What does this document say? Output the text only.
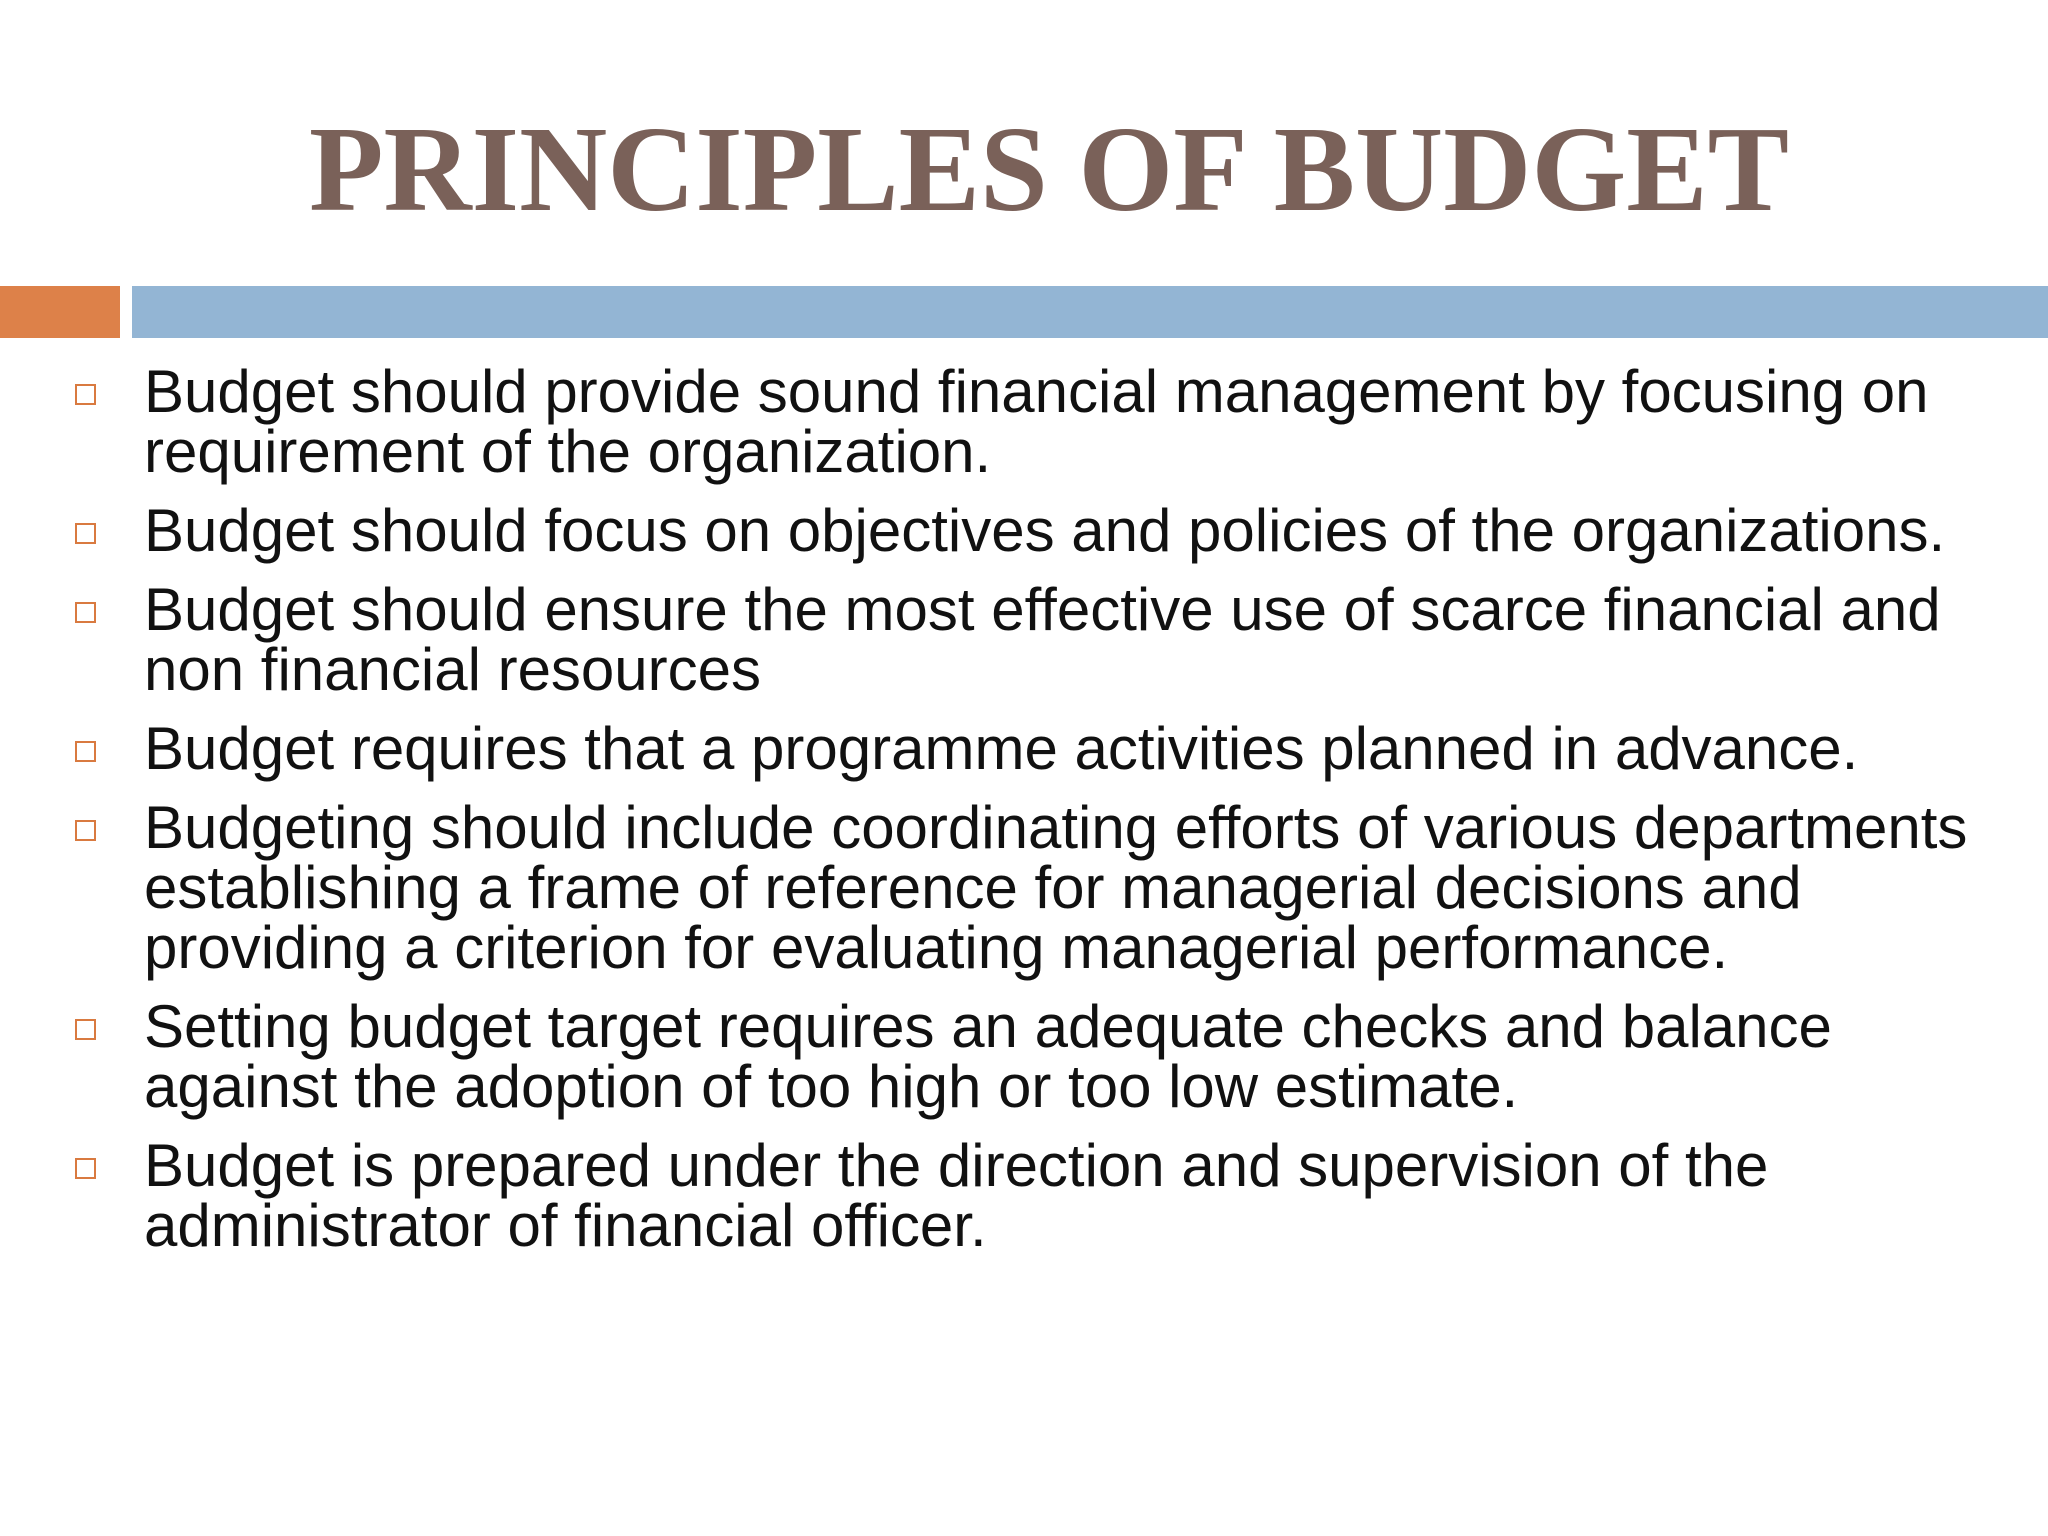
PRINCIPLES OF BUDGET
Budget should provide sound financial management by focusing on requirement of the organization.
Budget should focus on objectives and policies of the organizations.
Budget should ensure the most effective use of scarce financial and non financial resources
Budget requires that a programme activities planned in advance.
Budgeting should include coordinating efforts of various departments establishing a frame of reference for managerial decisions and providing a criterion for evaluating managerial performance.
Setting budget target requires an adequate checks and balance against the adoption of too high or too low estimate.
Budget is prepared under the direction and supervision of the administrator of financial officer.
